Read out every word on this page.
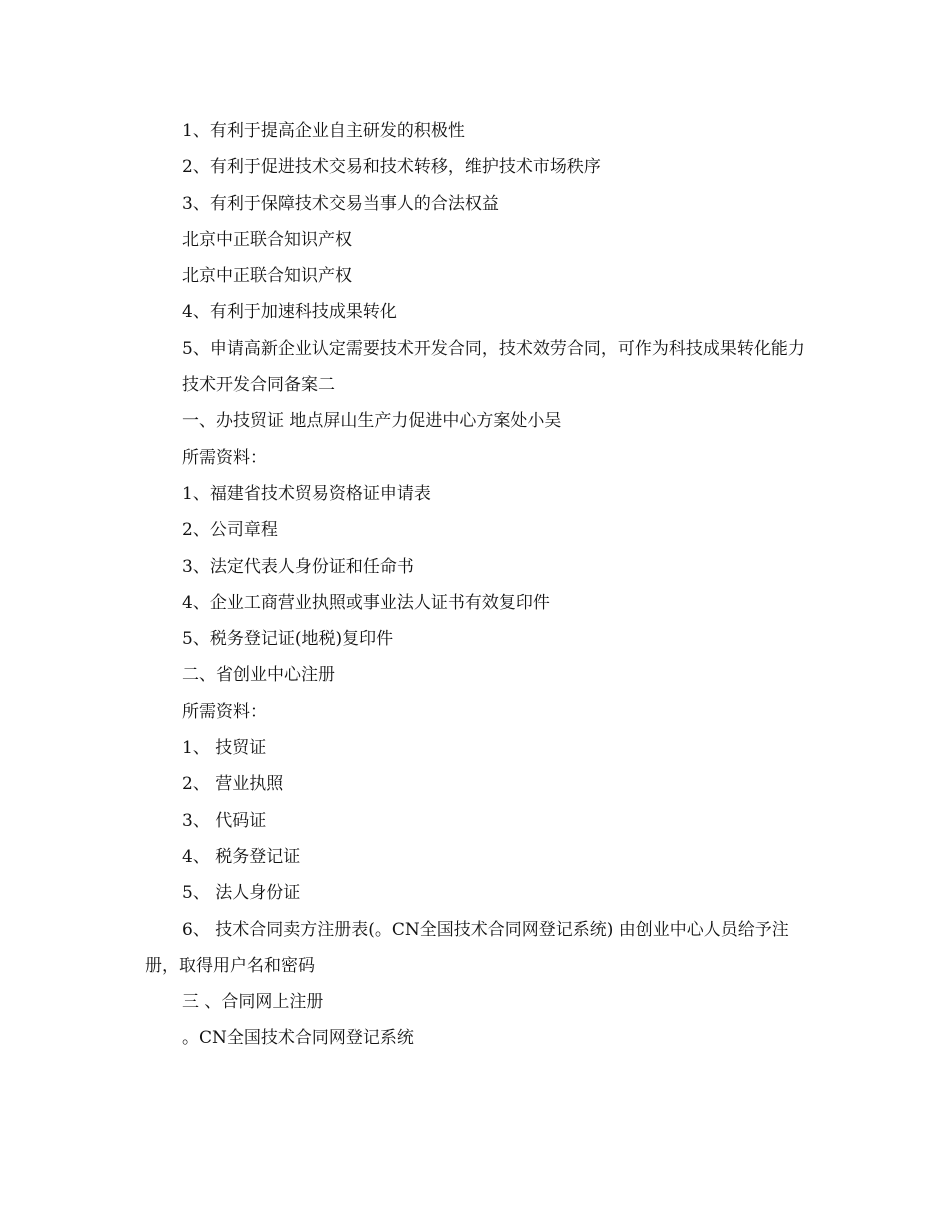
1、有利于提高企业自主研发的积极性

2、有利于促进技术交易和技术转移，维护技术市场秩序

3、有利于保障技术交易当事人的合法权益

北京中正联合知识产权

北京中正联合知识产权

4、有利于加速科技成果转化

5、申请高新企业认定需要技术开发合同，技术效劳合同，可作为科技成果转化能力

技术开发合同备案二

一、办技贸证 地点屏山生产力促进中心方案处小吴

所需资料：

1、福建省技术贸易资格证申请表

2、公司章程

3、法定代表人身份证和任命书

4、企业工商营业执照或事业法人证书有效复印件

5、税务登记证(地税)复印件

二、省创业中心注册

所需资料：

1、 技贸证

2、 营业执照

3、 代码证

4、 税务登记证

5、 法人身份证

6、 技术合同卖方注册表(。CN全国技术合同网登记系统) 由创业中心人员给予注册，取得用户名和密码

三 、合同网上注册

。CN全国技术合同网登记系统
